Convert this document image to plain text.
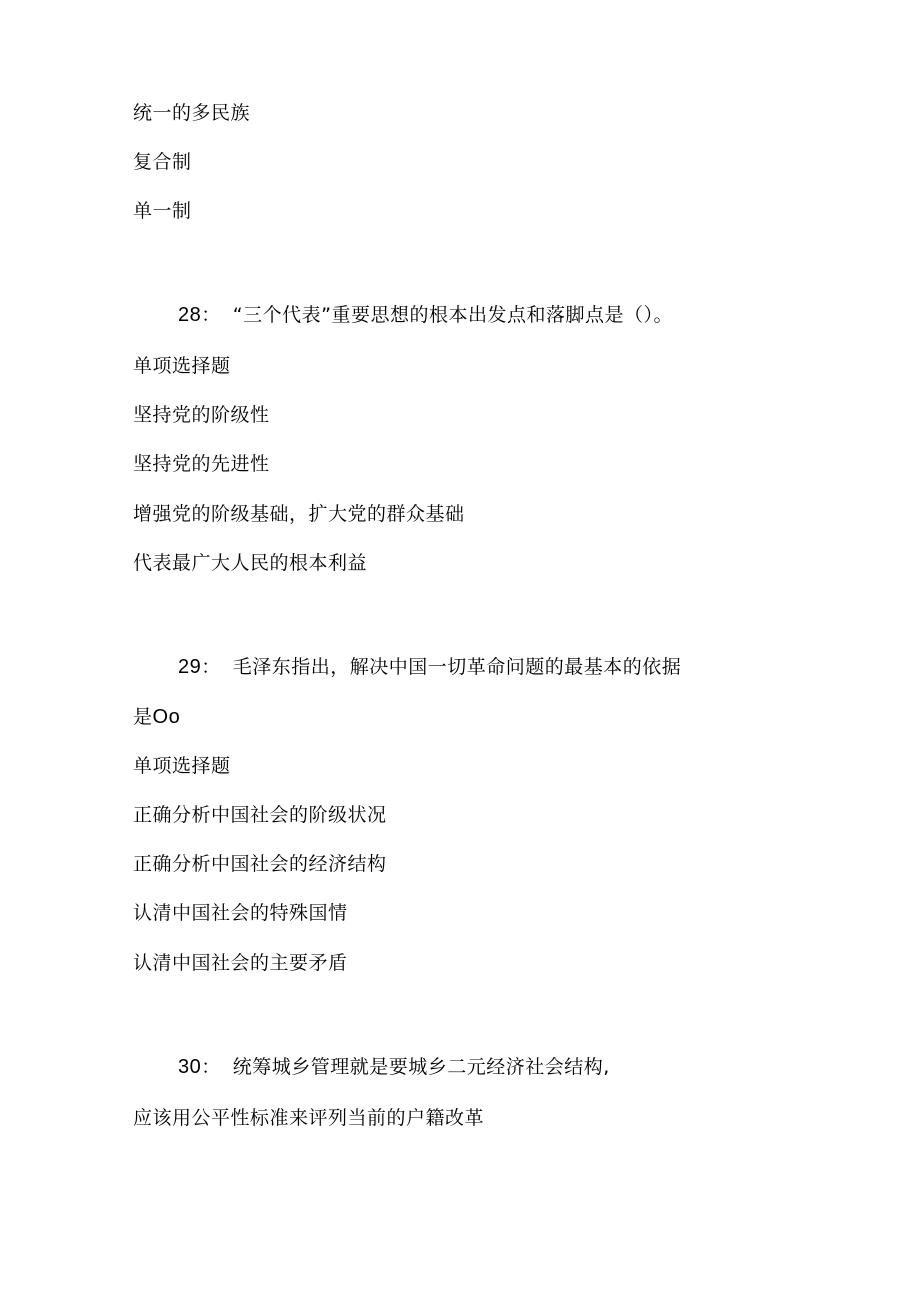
统一的多民族
复合制
单一制
28： “三个代表”重要思想的根本出发点和落脚点是（）。
单项选择题
坚持党的阶级性
坚持党的先进性
增强党的阶级基础，扩大党的群众基础
代表最广大人民的根本利益
29： 毛泽东指出，解决中国一切革命问题的最基本的依据
是Oo
单项选择题
正确分析中国社会的阶级状况
正确分析中国社会的经济结构
认清中国社会的特殊国情
认清中国社会的主要矛盾
30： 统筹城乡管理就是要城乡二元经济社会结构,
应该用公平性标准来评列当前的户籍改革
